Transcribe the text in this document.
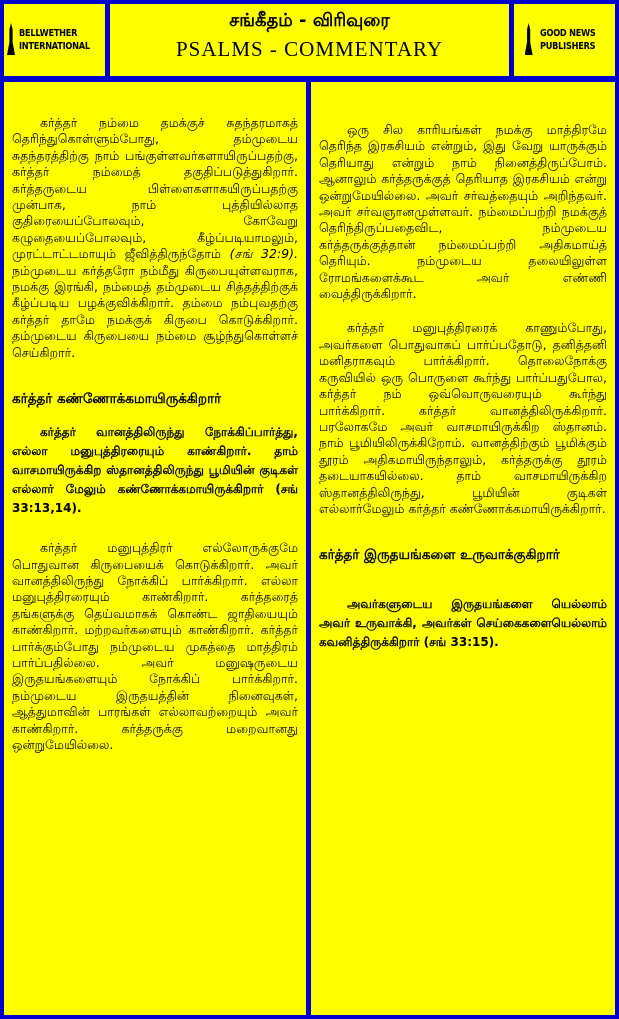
BELLWETHER
INTERNATIONAL
சங்கீதம் - விரிவுரை
PSALMS - COMMENTARY
GOOD NEWS
PUBLISHERS

கர்த்தர் நம்மை தமக்குச் சுதந்தரமாகத் தெரிந்துகொள்ளும்போது, தம்முடைய சுதந்தரத்திற்கு நாம் பங்குள்ளவர்களாயிருப்பதற்கு, கர்த்தர் நம்மைத் தகுதிப்படுத்துகிறார். கர்த்தருடைய பிள்ளைகளாகயிருப்பதற்கு முன்பாக, நாம் புத்தியில்லாத குதிரையைப்போலவும், கோவேறு கழுதையைப்போலவும், கீழ்ப்படியாமலும், முரட்டாட்டமாயும் ஜீவித்திருந்தோம் (சங் 32:9). நம்முடைய கர்த்தரோ நம்மீது கிருபையுள்ளவராக, நமக்கு இரங்கி, நம்மைத் தம்முடைய சித்தத்திற்குக் கீழ்ப்படிய பழக்குவிக்கிறார். தம்மை நம்புவதற்கு கர்த்தர் தாமே நமக்குக் கிருபை கொடுக்கிறார். தம்முடைய கிருபையை நம்மை சூழ்ந்துகொள்ளச் செய்கிறார்.

கர்த்தர் கண்ணோக்கமாயிருக்கிறார்

கர்த்தர் வானத்திலிருந்து நோக்கிப்பார்த்து, எல்லா மனுபுத்திரரையும் காண்கிறார். தாம் வாசமாயிருக்கிற ஸ்தானத்திலிருந்து பூமியின் குடிகள் எல்லார் மேலும் கண்ணோக்கமாயிருக்கிறார் (சங் 33:13,14).

கர்த்தர் மனுபுத்திரர் எல்லோருக்குமே பொதுவான கிருபையைக் கொடுக்கிறார். அவர் வானத்திலிருந்து நோக்கிப் பார்க்கிறார். எல்லா மனுபுத்திரரையும் காண்கிறார். கர்த்தரைத் தங்களுக்கு தெய்வமாகக் கொண்ட ஜாதியையும் காண்கிறார். மற்றவர்களையும் காண்கிறார். கர்த்தர் பார்க்கும்போது நம்முடைய முகத்தை மாத்திரம் பார்ப்பதில்லை. அவர் மனுஷருடைய இருதயங்களையும் நோக்கிப் பார்க்கிறார். நம்முடைய இருதயத்தின் நினைவுகள், ஆத்துமாவின் பாரங்கள் எல்லாவற்றையும் அவர் காண்கிறார். கர்த்தருக்கு மறைவானது ஒன்றுமேயில்லை.

ஒரு சில காரியங்கள் நமக்கு மாத்திரமே தெரிந்த இரகசியம் என்றும், இது வேறு யாருக்கும் தெரியாது என்றும் நாம் நினைத்திருப்போம். ஆனாலும் கர்த்தருக்குத் தெரியாத இரகசியம் என்று ஒன்றுமேயில்லை. அவர் சர்வத்தையும் அறிந்தவர். அவர் சர்வஞானமுள்ளவர். நம்மைப்பற்றி நமக்குத் தெரிந்திருப்பதைவிட, நம்முடைய கர்த்தருக்குத்தான் நம்மைப்பற்றி அதிகமாய்த் தெரியும். நம்முடைய தலையிலுள்ள ரோமங்களைக்கூட அவர் எண்ணி வைத்திருக்கிறார்.

கர்த்தர் மனுபுத்திரரைக் காணும்போது, அவர்களை பொதுவாகப் பார்ப்பதோடு, தனித்தனி மனிதராகவும் பார்க்கிறார். தொலைநோக்கு கருவியில் ஒரு பொருளை கூர்ந்து பார்ப்பதுபோல, கர்த்தர் நம் ஒவ்வொருவரையும் கூர்ந்து பார்க்கிறார். கர்த்தர் வானத்திலிருக்கிறார். பரலோகமே அவர் வாசமாயிருக்கிற ஸ்தானம். நாம் பூமியிலிருக்கிறோம். வானத்திற்கும் பூமிக்கும் தூரம் அதிகமாயிருந்தாலும், கர்த்தருக்கு தூரம் தடையாகயில்லை. தாம் வாசமாயிருக்கிற ஸ்தானத்திலிருந்து, பூமியின் குடிகள் எல்லார்மேலும் கர்த்தர் கண்ணோக்கமாயிருக்கிறார்.

கர்த்தர் இருதயங்களை உருவாக்குகிறார்

அவர்களுடைய இருதயங்களை யெல்லாம் அவர் உருவாக்கி, அவர்கள் செய்கைகளையெல்லாம் கவனித்திருக்கிறார் (சங் 33:15).
